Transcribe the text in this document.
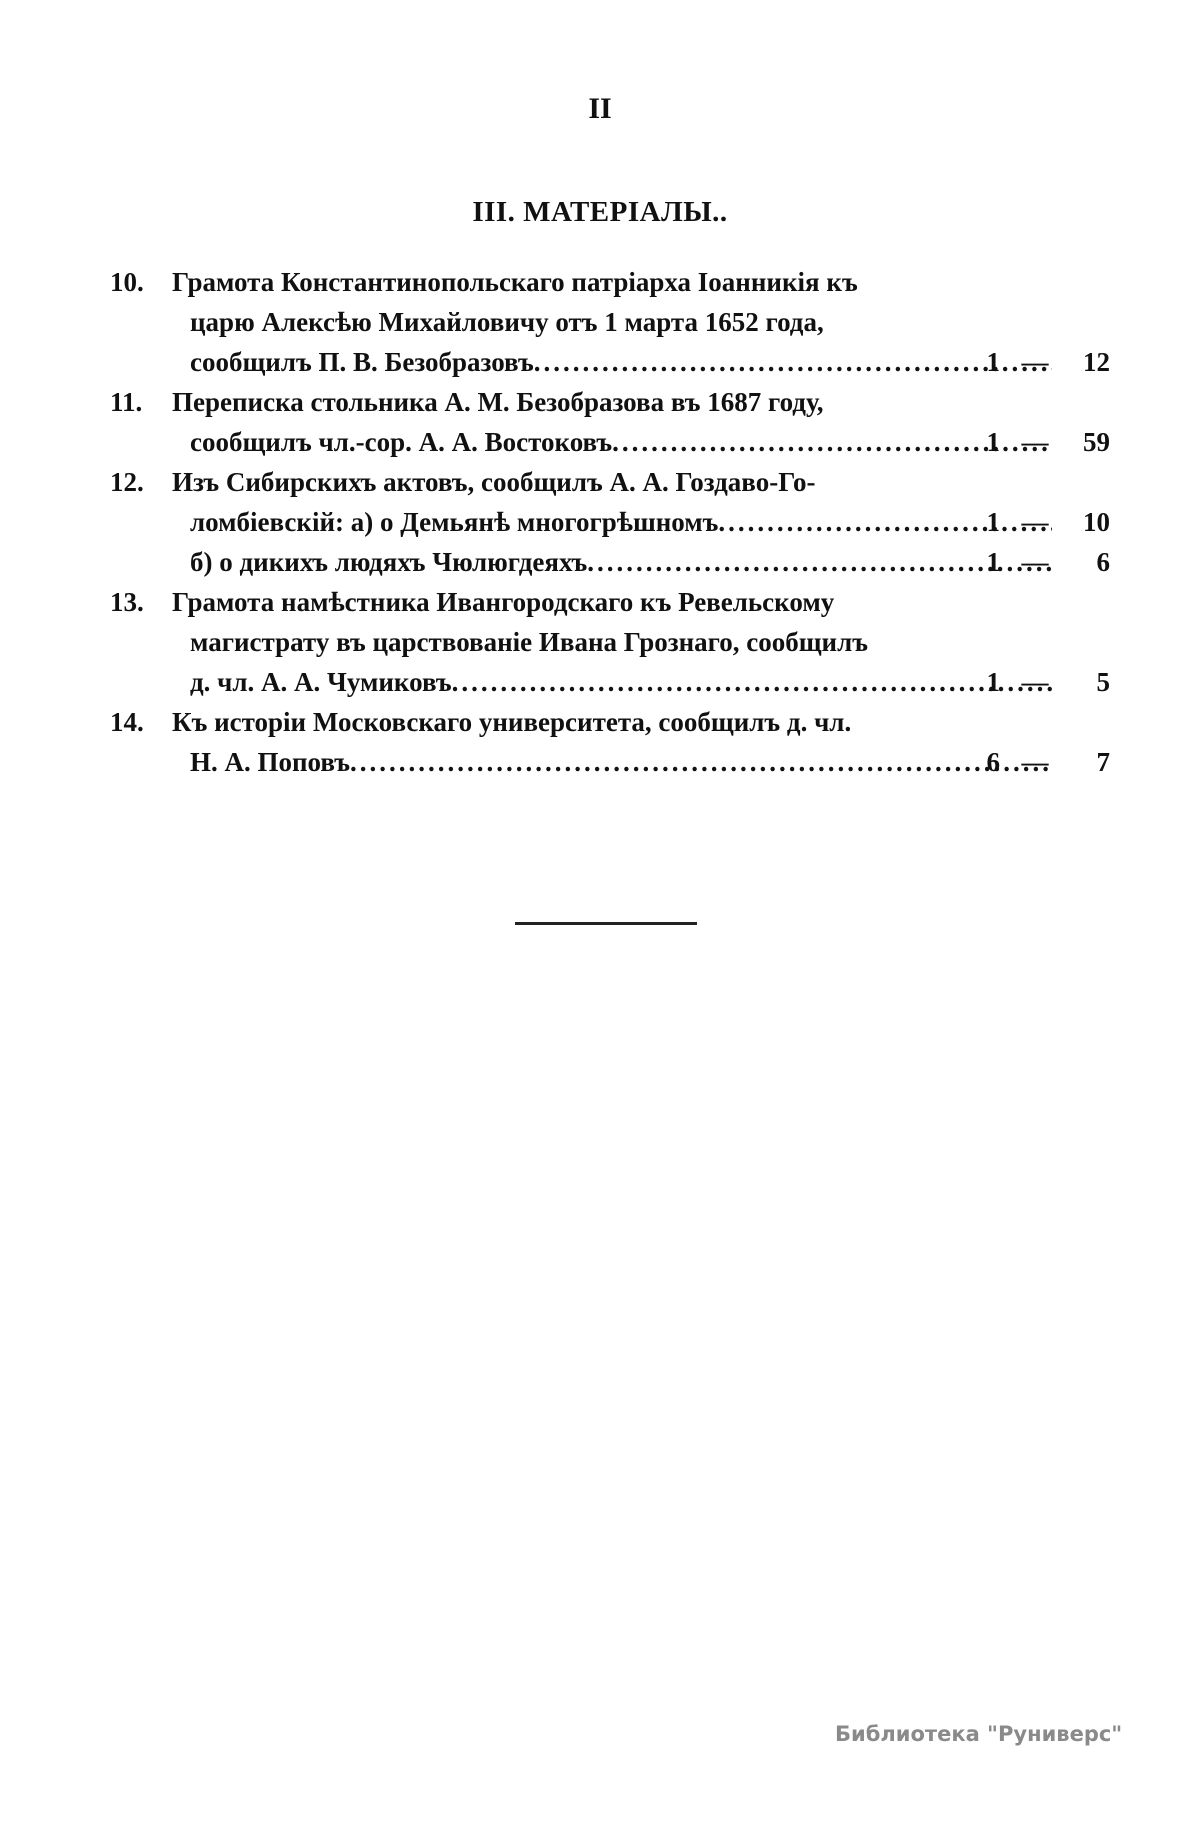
II
III. МАТЕРІАЛЫ..
10.	Грамота Константинопольскаго патріарха Іоанникія къ
царю Алексѣю Михайловичу отъ 1 марта 1652 года,
сообщилъ П. В. Безобразовъ .....	1 —	12
11.	Переписка стольника А. М. Безобразова въ 1687 году,
сообщилъ чл.-сор. А. А. Востоковъ .....	1 —	59
12.	Изъ Сибирскихъ актовъ, сообщилъ А. А. Гоздаво-Го-
ломбіевскій: а) о Демьянѣ многогрѣшномъ .....	1 —	10
б) о дикихъ людяхъ Чюлюгдеяхъ .....	1 —	6
13.	Грамота намѣстника Ивангородскаго къ Ревельскому
магистрату въ царствованіе Ивана Грознаго, сообщилъ
д. чл. А. А. Чумиковъ .....	1 —	5
14.	Къ исторіи Московскаго университета, сообщилъ д. чл.
Н. А. Поповъ .....	6 —	7
Библиотека "Руниверс"
